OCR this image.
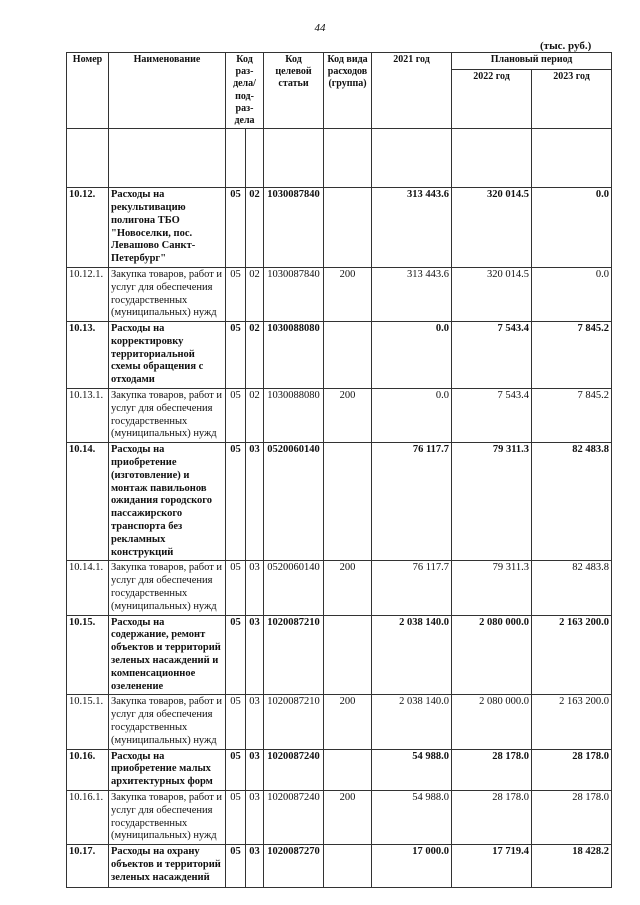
44
(тыс. руб.)
Номер	Наименование	Код раз-дела/ под-раз-дела		Код целевой статьи	Код вида расходов (группа)	2021 год	Плановый период	
							2022 год	2023 год

10.12.	Расходы на рекультивацию полигона ТБО "Новоселки, пос. Левашово Санкт-Петербург"	05	02	1030087840		313 443.6	320 014.5	0.0
10.12.1.	Закупка товаров, работ и услуг для обеспечения государственных (муниципальных) нужд	05	02	1030087840	200	313 443.6	320 014.5	0.0
10.13.	Расходы на корректировку территориальной схемы обращения с отходами	05	02	1030088080		0.0	7 543.4	7 845.2
10.13.1.	Закупка товаров, работ и услуг для обеспечения государственных (муниципальных) нужд	05	02	1030088080	200	0.0	7 543.4	7 845.2
10.14.	Расходы на приобретение (изготовление) и монтаж павильонов ожидания городского пассажирского транспорта без рекламных конструкций	05	03	0520060140		76 117.7	79 311.3	82 483.8
10.14.1.	Закупка товаров, работ и услуг для обеспечения государственных (муниципальных) нужд	05	03	0520060140	200	76 117.7	79 311.3	82 483.8
10.15.	Расходы на содержание, ремонт объектов и территорий зеленых насаждений и компенсационное озеленение	05	03	1020087210		2 038 140.0	2 080 000.0	2 163 200.0
10.15.1.	Закупка товаров, работ и услуг для обеспечения государственных (муниципальных) нужд	05	03	1020087210	200	2 038 140.0	2 080 000.0	2 163 200.0
10.16.	Расходы на приобретение малых архитектурных форм	05	03	1020087240		54 988.0	28 178.0	28 178.0
10.16.1.	Закупка товаров, работ и услуг для обеспечения государственных (муниципальных) нужд	05	03	1020087240	200	54 988.0	28 178.0	28 178.0
10.17.	Расходы на охрану объектов и территорий зеленых насаждений	05	03	1020087270		17 000.0	17 719.4	18 428.2
